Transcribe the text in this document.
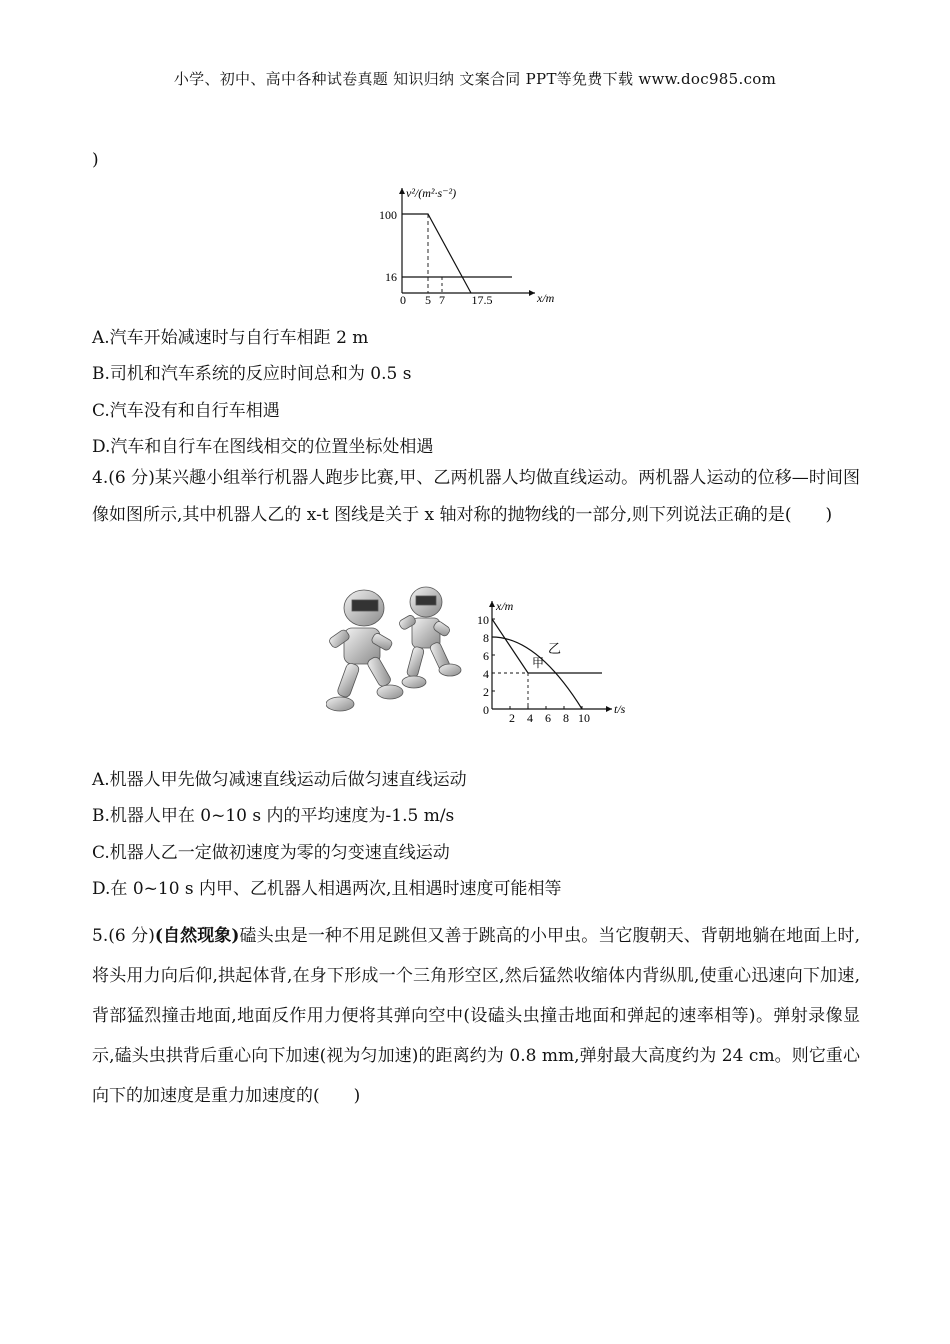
小学、初中、高中各种试卷真题 知识归纳 文案合同 PPT等免费下载 www.doc985.com
)
v²/(m²·s⁻²)
x/m
100
16
0 5 7 17.5
A.汽车开始减速时与自行车相距 2 m
B.司机和汽车系统的反应时间总和为 0.5 s
C.汽车没有和自行车相遇
D.汽车和自行车在图线相交的位置坐标处相遇
4.(6 分)某兴趣小组举行机器人跑步比赛,甲、乙两机器人均做直线运动。两机器人运动的位移—时间图像如图所示,其中机器人乙的 x-t 图线是关于 x 轴对称的抛物线的一部分,则下列说法正确的是(　　)
x/m
t/s
10
8
6
4
2
0
2 4 6 8 10
甲
乙
A.机器人甲先做匀减速直线运动后做匀速直线运动
B.机器人甲在 0~10 s 内的平均速度为-1.5 m/s
C.机器人乙一定做初速度为零的匀变速直线运动
D.在 0~10 s 内甲、乙机器人相遇两次,且相遇时速度可能相等
5.(6 分)(自然现象)磕头虫是一种不用足跳但又善于跳高的小甲虫。当它腹朝天、背朝地躺在地面上时,将头用力向后仰,拱起体背,在身下形成一个三角形空区,然后猛然收缩体内背纵肌,使重心迅速向下加速,背部猛烈撞击地面,地面反作用力便将其弹向空中(设磕头虫撞击地面和弹起的速率相等)。弹射录像显示,磕头虫拱背后重心向下加速(视为匀加速)的距离约为 0.8 mm,弹射最大高度约为 24 cm。则它重心向下的加速度是重力加速度的(　　)
